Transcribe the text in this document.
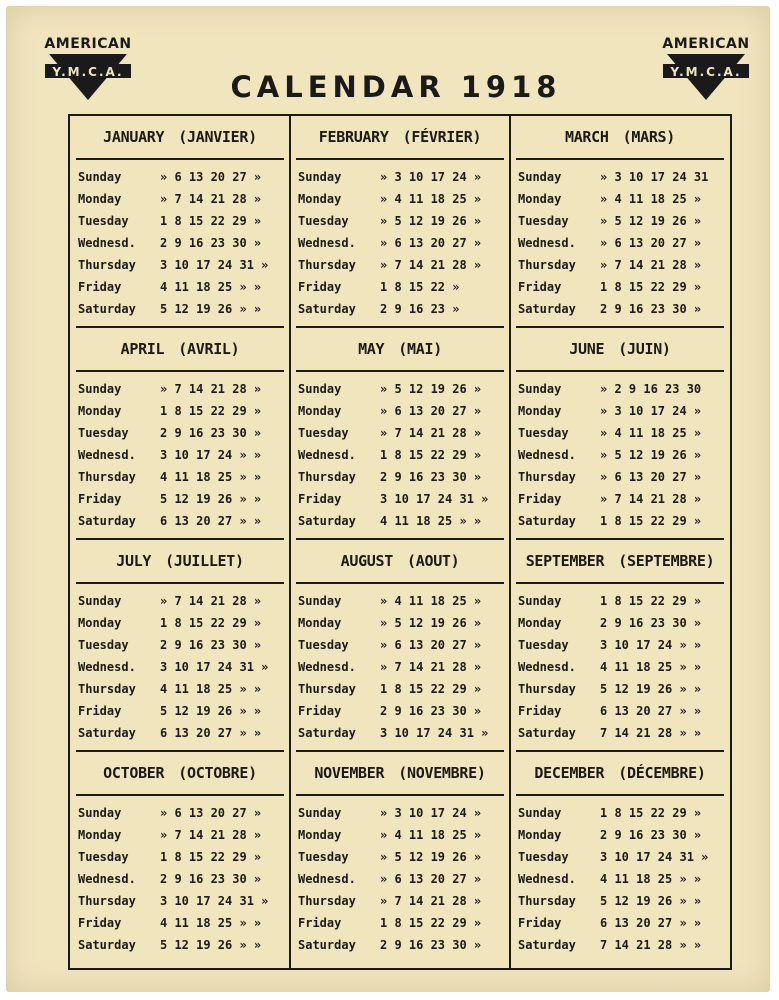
AMERICAN
Y.M.C.A.
AMERICAN
Y.M.C.A.
CALENDAR 1918
JANUARY (JANVIER)
Sunday	» 6 13 20 27 »
Monday	» 7 14 21 28 »
Tuesday	1 8 15 22 29 »
Wednesd.	2 9 16 23 30 »
Thursday	3 10 17 24 31 »
Friday	4 11 18 25 » »
Saturday	5 12 19 26 » »
FEBRUARY (FÉVRIER)
Sunday	» 3 10 17 24 »
Monday	» 4 11 18 25 »
Tuesday	» 5 12 19 26 »
Wednesd.	» 6 13 20 27 »
Thursday	» 7 14 21 28 »
Friday	1 8 15 22 »
Saturday	2 9 16 23 »
MARCH (MARS)
Sunday	» 3 10 17 24 31
Monday	» 4 11 18 25 »
Tuesday	» 5 12 19 26 »
Wednesd.	» 6 13 20 27 »
Thursday	» 7 14 21 28 »
Friday	1 8 15 22 29 »
Saturday	2 9 16 23 30 »
APRIL (AVRIL)
Sunday	» 7 14 21 28 »
Monday	1 8 15 22 29 »
Tuesday	2 9 16 23 30 »
Wednesd.	3 10 17 24 » »
Thursday	4 11 18 25 » »
Friday	5 12 19 26 » »
Saturday	6 13 20 27 » »
MAY (MAI)
Sunday	» 5 12 19 26 »
Monday	» 6 13 20 27 »
Tuesday	» 7 14 21 28 »
Wednesd.	1 8 15 22 29 »
Thursday	2 9 16 23 30 »
Friday	3 10 17 24 31 »
Saturday	4 11 18 25 » »
JUNE (JUIN)
Sunday	» 2 9 16 23 30
Monday	» 3 10 17 24 »
Tuesday	» 4 11 18 25 »
Wednesd.	» 5 12 19 26 »
Thursday	» 6 13 20 27 »
Friday	» 7 14 21 28 »
Saturday	1 8 15 22 29 »
JULY (JUILLET)
Sunday	» 7 14 21 28 »
Monday	1 8 15 22 29 »
Tuesday	2 9 16 23 30 »
Wednesd.	3 10 17 24 31 »
Thursday	4 11 18 25 » »
Friday	5 12 19 26 » »
Saturday	6 13 20 27 » »
AUGUST (AOUT)
Sunday	» 4 11 18 25 »
Monday	» 5 12 19 26 »
Tuesday	» 6 13 20 27 »
Wednesd.	» 7 14 21 28 »
Thursday	1 8 15 22 29 »
Friday	2 9 16 23 30 »
Saturday	3 10 17 24 31 »
SEPTEMBER (SEPTEMBRE)
Sunday	1 8 15 22 29 »
Monday	2 9 16 23 30 »
Tuesday	3 10 17 24 » »
Wednesd.	4 11 18 25 » »
Thursday	5 12 19 26 » »
Friday	6 13 20 27 » »
Saturday	7 14 21 28 » »
OCTOBER (OCTOBRE)
Sunday	» 6 13 20 27 »
Monday	» 7 14 21 28 »
Tuesday	1 8 15 22 29 »
Wednesd.	2 9 16 23 30 »
Thursday	3 10 17 24 31 »
Friday	4 11 18 25 » »
Saturday	5 12 19 26 » »
NOVEMBER (NOVEMBRE)
Sunday	» 3 10 17 24 »
Monday	» 4 11 18 25 »
Tuesday	» 5 12 19 26 »
Wednesd.	» 6 13 20 27 »
Thursday	» 7 14 21 28 »
Friday	1 8 15 22 29 »
Saturday	2 9 16 23 30 »
DECEMBER (DÉCEMBRE)
Sunday	1 8 15 22 29 »
Monday	2 9 16 23 30 »
Tuesday	3 10 17 24 31 »
Wednesd.	4 11 18 25 » »
Thursday	5 12 19 26 » »
Friday	6 13 20 27 » »
Saturday	7 14 21 28 » »
